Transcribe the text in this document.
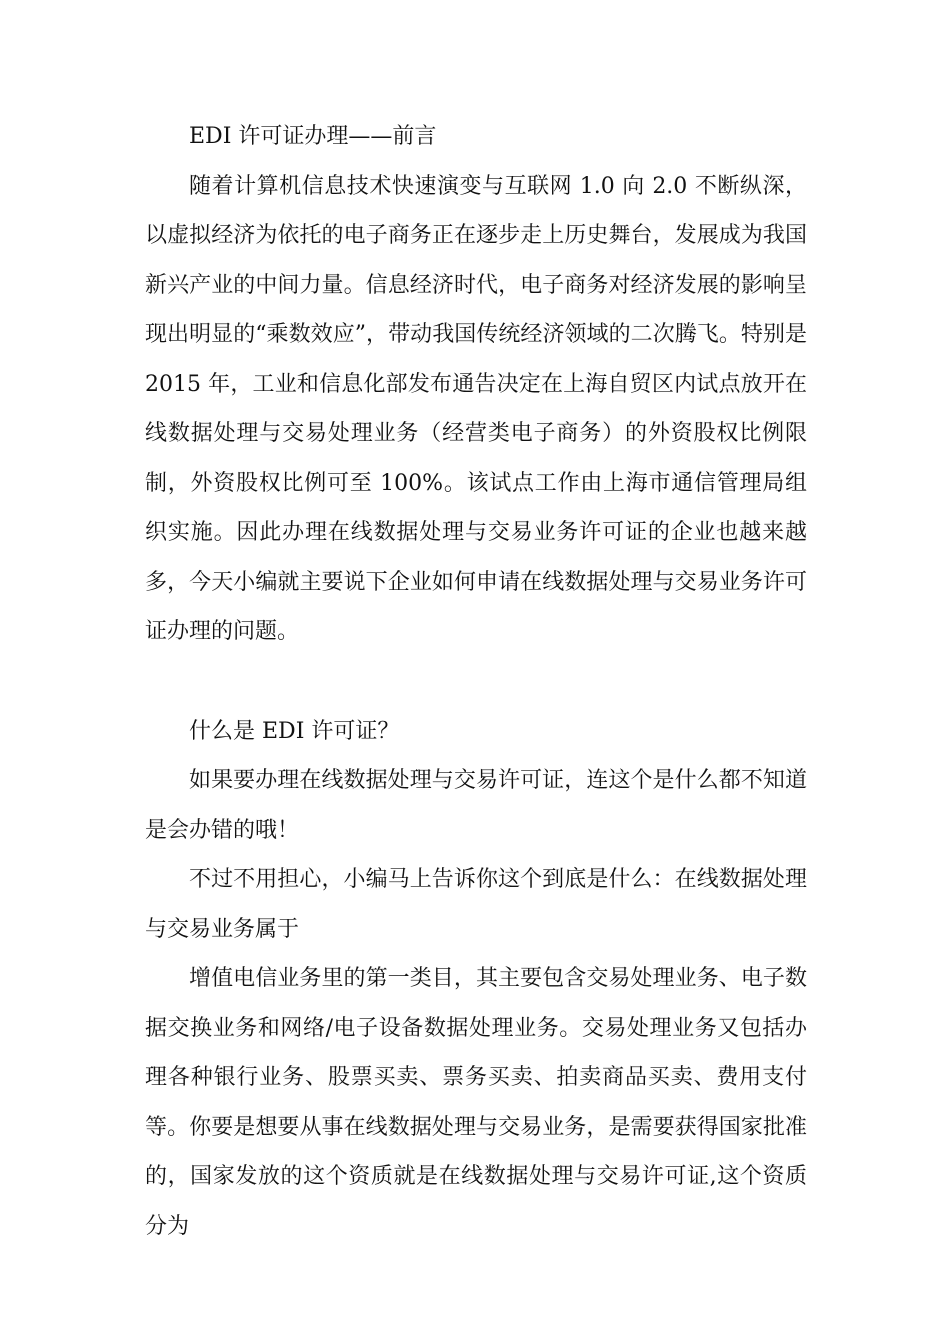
EDI 许可证办理——前言

随着计算机信息技术快速演变与互联网 1.0 向 2.0 不断纵深，以虚拟经济为依托的电子商务正在逐步走上历史舞台，发展成为我国新兴产业的中间力量。信息经济时代，电子商务对经济发展的影响呈现出明显的“乘数效应”，带动我国传统经济领域的二次腾飞。特别是 2015 年，工业和信息化部发布通告决定在上海自贸区内试点放开在线数据处理与交易处理业务（经营类电子商务）的外资股权比例限制，外资股权比例可至 100%。该试点工作由上海市通信管理局组织实施。因此办理在线数据处理与交易业务许可证的企业也越来越多，今天小编就主要说下企业如何申请在线数据处理与交易业务许可证办理的问题。

什么是 EDI 许可证？

如果要办理在线数据处理与交易许可证，连这个是什么都不知道是会办错的哦！

不过不用担心，小编马上告诉你这个到底是什么：在线数据处理与交易业务属于

增值电信业务里的第一类目，其主要包含交易处理业务、电子数据交换业务和网络/电子设备数据处理业务。交易处理业务又包括办理各种银行业务、股票买卖、票务买卖、拍卖商品买卖、费用支付等。你要是想要从事在线数据处理与交易业务，是需要获得国家批准的，国家发放的这个资质就是在线数据处理与交易许可证,这个资质分为
